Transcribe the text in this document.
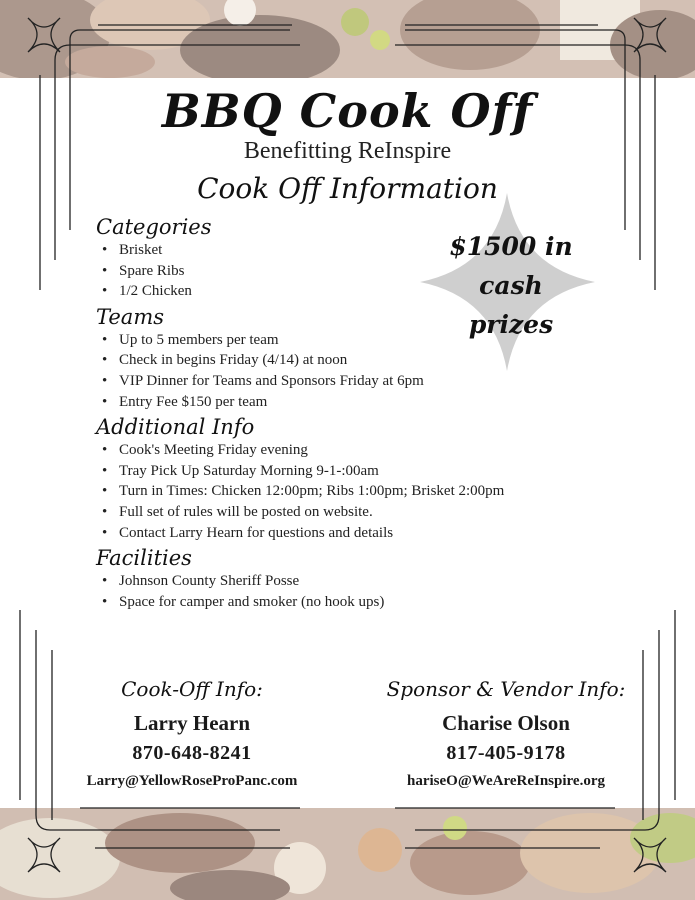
BBQ Cook Off
Benefitting ReInspire
Cook Off Information
$1500 in
cash
prizes
Categories
• Brisket
• Spare Ribs
• 1/2 Chicken
Teams
• Up to 5 members per team
• Check in begins Friday (4/14) at noon
• VIP Dinner for Teams and Sponsors Friday at 6pm
• Entry Fee $150 per team
Additional Info
• Cook's Meeting Friday evening
• Tray Pick Up Saturday Morning 9-1-:00am
• Turn in Times: Chicken 12:00pm; Ribs 1:00pm; Brisket 2:00pm
• Full set of rules will be posted on website.
• Contact Larry Hearn for questions and details
Facilities
• Johnson County Sheriff Posse
• Space for camper and smoker (no hook ups)
Cook-Off Info:
Larry Hearn
870-648-8241
Larry@YellowRoseProPanc.com
Sponsor & Vendor Info:
Charise Olson
817-405-9178
hariseO@WeAreReInspire.org
